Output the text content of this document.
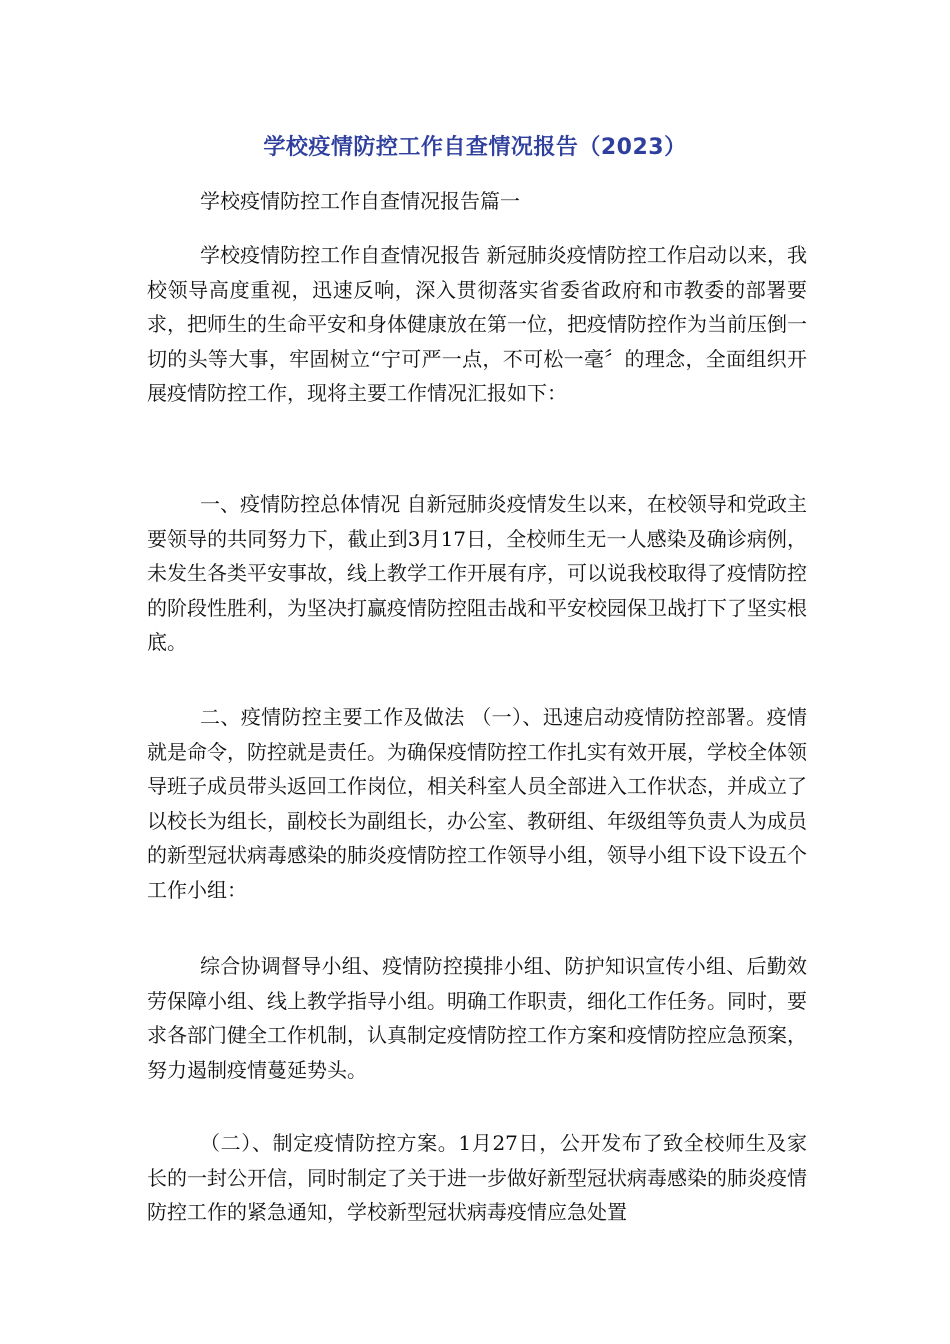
学校疫情防控工作自查情况报告（2023）
学校疫情防控工作自查情况报告篇一

学校疫情防控工作自查情况报告 新冠肺炎疫情防控工作启动以来，我校领导高度重视，迅速反响，深入贯彻落实省委省政府和市教委的部署要求，把师生的生命平安和身体健康放在第一位，把疫情防控作为当前压倒一切的头等大事，牢固树立“宁可严一点，不可松一毫〞的理念，全面组织开展疫情防控工作，现将主要工作情况汇报如下：

一、疫情防控总体情况 自新冠肺炎疫情发生以来，在校领导和党政主要领导的共同努力下，截止到3月17日，全校师生无一人感染及确诊病例，未发生各类平安事故，线上教学工作开展有序，可以说我校取得了疫情防控的阶段性胜利，为坚决打赢疫情防控阻击战和平安校园保卫战打下了坚实根底。

二、疫情防控主要工作及做法 （一）、迅速启动疫情防控部署。疫情就是命令，防控就是责任。为确保疫情防控工作扎实有效开展，学校全体领导班子成员带头返回工作岗位，相关科室人员全部进入工作状态，并成立了以校长为组长，副校长为副组长，办公室、教研组、年级组等负责人为成员的新型冠状病毒感染的肺炎疫情防控工作领导小组，领导小组下设下设五个工作小组：

综合协调督导小组、疫情防控摸排小组、防护知识宣传小组、后勤效劳保障小组、线上教学指导小组。明确工作职责，细化工作任务。同时，要求各部门健全工作机制，认真制定疫情防控工作方案和疫情防控应急预案，努力遏制疫情蔓延势头。

（二）、制定疫情防控方案。1月27日，公开发布了致全校师生及家长的一封公开信，同时制定了关于进一步做好新型冠状病毒感染的肺炎疫情防控工作的紧急通知，学校新型冠状病毒疫情应急处置
